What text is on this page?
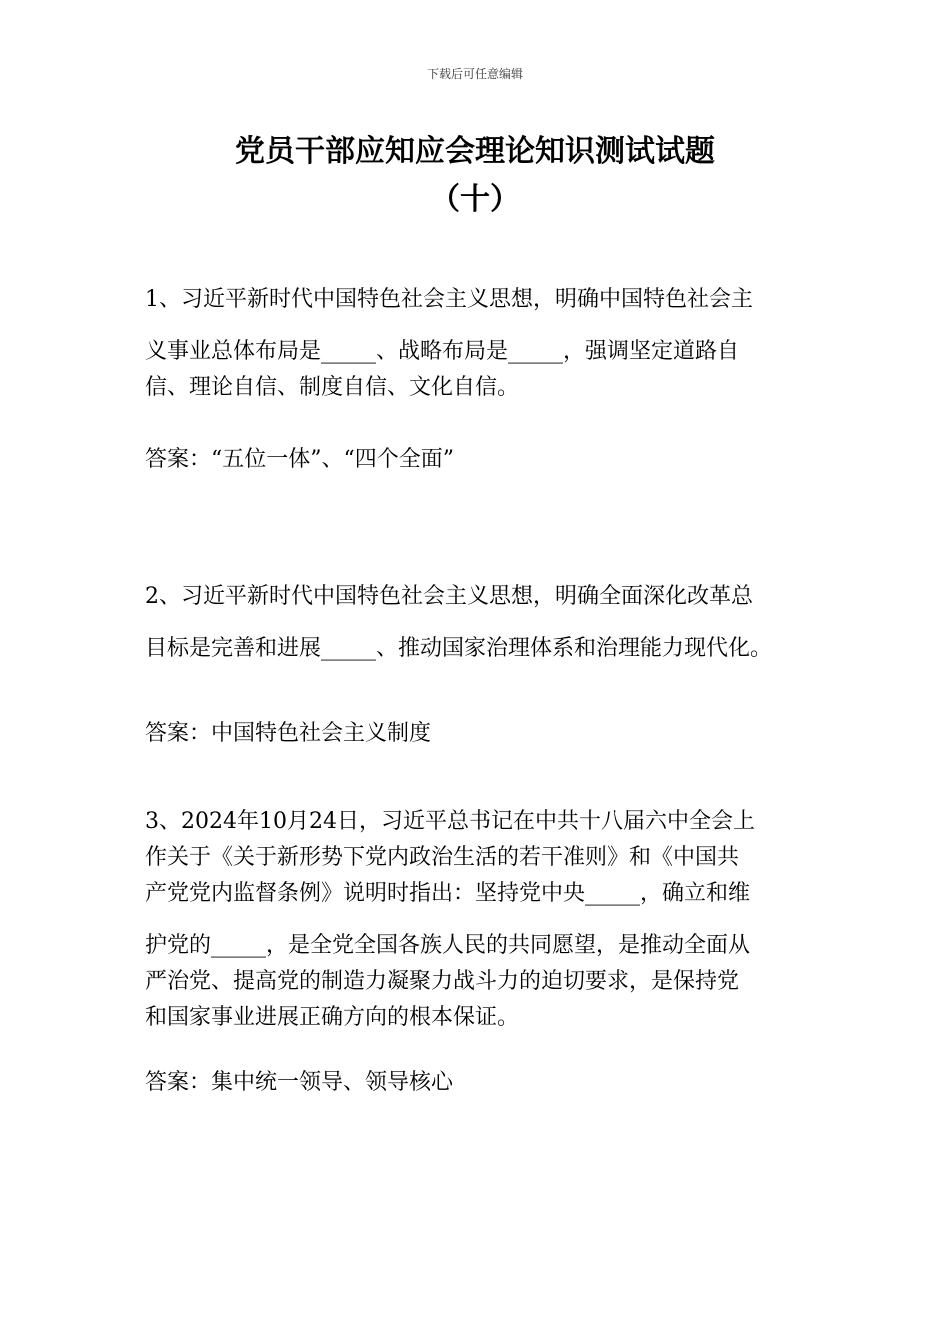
下载后可任意编辑
党员干部应知应会理论知识测试试题
（十）
1、习近平新时代中国特色社会主义思想，明确中国特色社会主
义事业总体布局是_____、战略布局是_____，强调坚定道路自
信、理论自信、制度自信、文化自信。
答案：“五位一体”、“四个全面”
2、习近平新时代中国特色社会主义思想，明确全面深化改革总
目标是完善和进展_____、推动国家治理体系和治理能力现代化。
答案：中国特色社会主义制度
3、2024年10月24日，习近平总书记在中共十八届六中全会上
作关于《关于新形势下党内政治生活的若干准则》和《中国共
产党党内监督条例》说明时指出：坚持党中央_____，确立和维
护党的_____，是全党全国各族人民的共同愿望，是推动全面从
严治党、提高党的制造力凝聚力战斗力的迫切要求，是保持党
和国家事业进展正确方向的根本保证。
答案：集中统一领导、领导核心
